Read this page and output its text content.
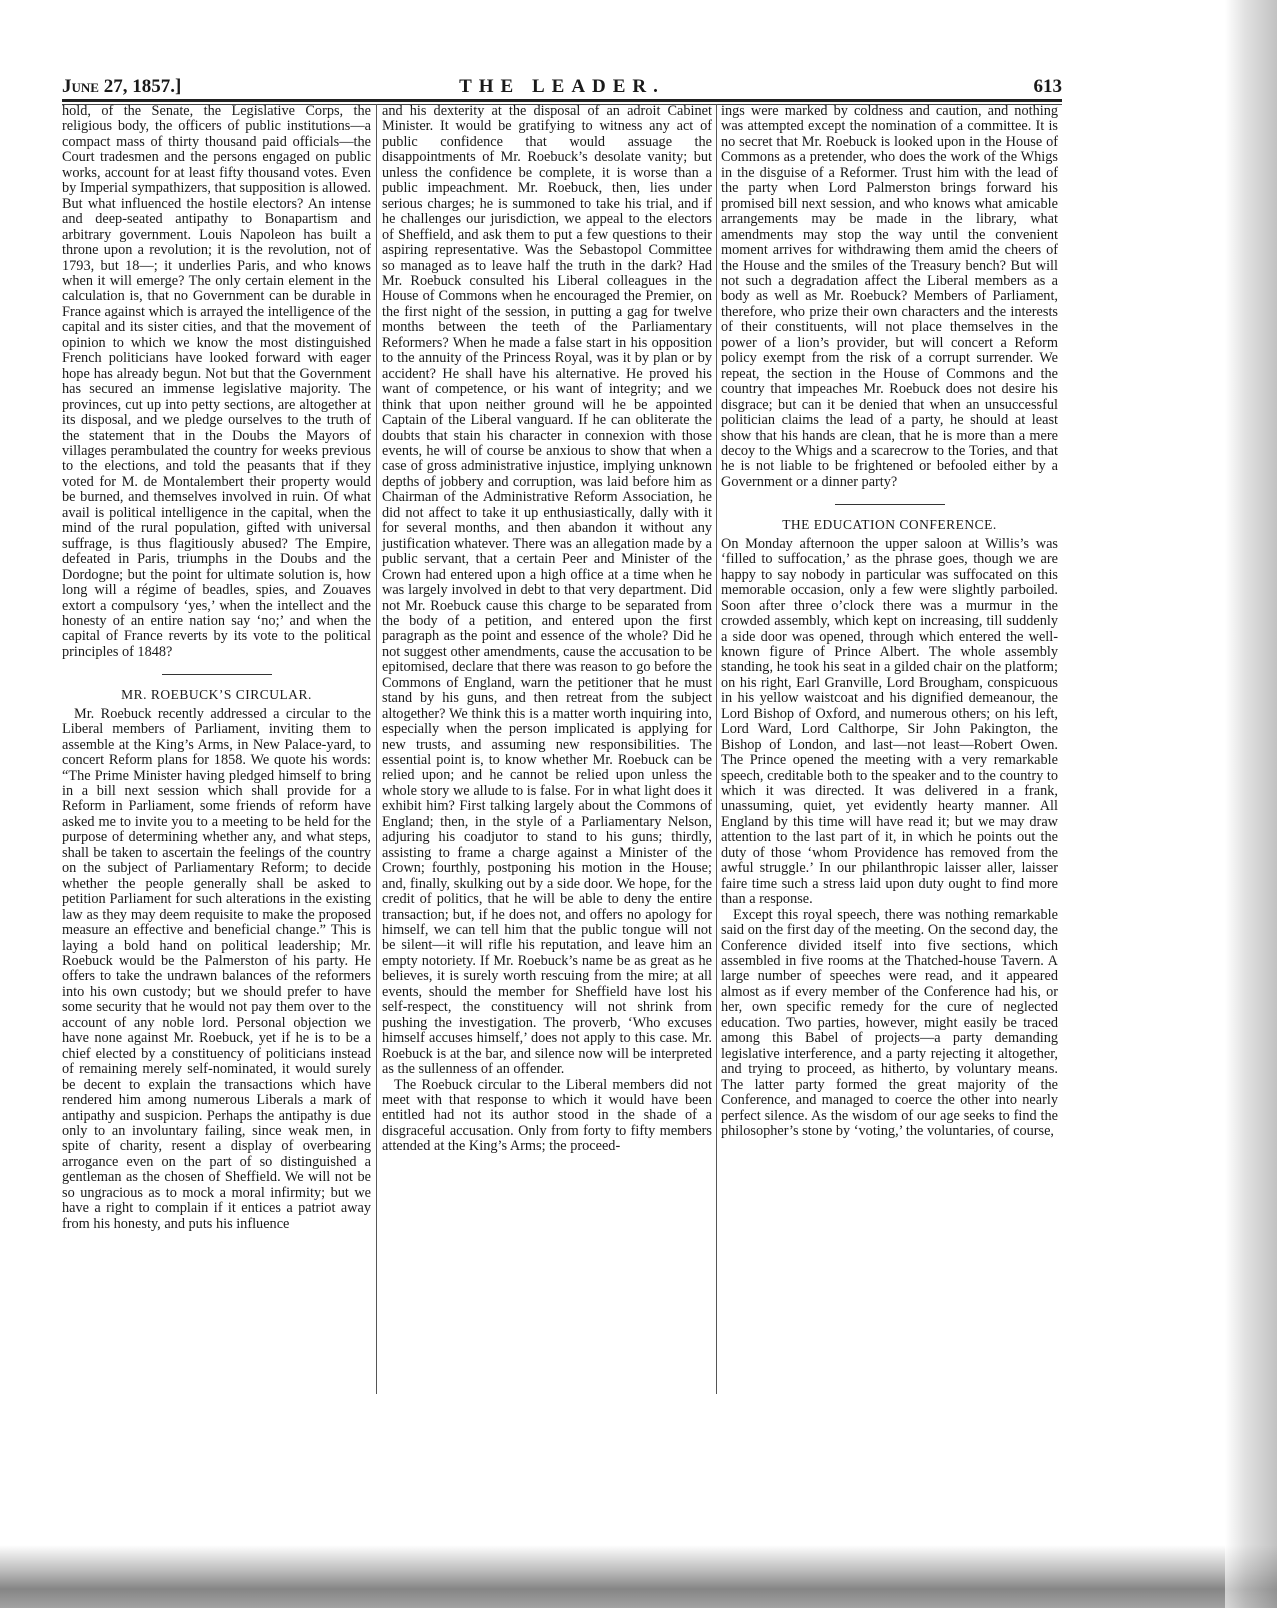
June 27, 1857.]	THE LEADER.	613

hold, of the Senate, the Legislative Corps, the religious body, the officers of public institutions—a compact mass of thirty thousand paid officials—the Court tradesmen and the persons engaged on public works, account for at least fifty thousand votes. Even by Imperial sympathizers, that supposition is allowed. But what influenced the hostile electors? An intense and deep-seated antipathy to Bonapartism and arbitrary government. Louis Napoleon has built a throne upon a revolution; it is the revolution, not of 1793, but 18—; it underlies Paris, and who knows when it will emerge? The only certain element in the calculation is, that no Government can be durable in France against which is arrayed the intelligence of the capital and its sister cities, and that the movement of opinion to which we know the most distinguished French politicians have looked forward with eager hope has already begun. Not but that the Government has secured an immense legislative majority. The provinces, cut up into petty sections, are altogether at its disposal, and we pledge ourselves to the truth of the statement that in the Doubs the Mayors of villages perambulated the country for weeks previous to the elections, and told the peasants that if they voted for M. de Montalembert their property would be burned, and themselves involved in ruin. Of what avail is political intelligence in the capital, when the mind of the rural population, gifted with universal suffrage, is thus flagitiously abused? The Empire, defeated in Paris, triumphs in the Doubs and the Dordogne; but the point for ultimate solution is, how long will a régime of beadles, spies, and Zouaves extort a compulsory ‘yes,’ when the intellect and the honesty of an entire nation say ‘no;’ and when the capital of France reverts by its vote to the political principles of 1848?

MR. ROEBUCK’S CIRCULAR.

Mr. Roebuck recently addressed a circular to the Liberal members of Parliament, inviting them to assemble at the King’s Arms, in New Palace-yard, to concert Reform plans for 1858. We quote his words: “The Prime Minister having pledged himself to bring in a bill next session which shall provide for a Reform in Parliament, some friends of reform have asked me to invite you to a meeting to be held for the purpose of determining whether any, and what steps, shall be taken to ascertain the feelings of the country on the subject of Parliamentary Reform; to decide whether the people generally shall be asked to petition Parliament for such alterations in the existing law as they may deem requisite to make the proposed measure an effective and beneficial change.” This is laying a bold hand on political leadership; Mr. Roebuck would be the Palmerston of his party. He offers to take the undrawn balances of the reformers into his own custody; but we should prefer to have some security that he would not pay them over to the account of any noble lord. Personal objection we have none against Mr. Roebuck, yet if he is to be a chief elected by a constituency of politicians instead of remaining merely self-nominated, it would surely be decent to explain the transactions which have rendered him among numerous Liberals a mark of antipathy and suspicion. Perhaps the antipathy is due only to an involuntary failing, since weak men, in spite of charity, resent a display of overbearing arrogance even on the part of so distinguished a gentleman as the chosen of Sheffield. We will not be so ungracious as to mock a moral infirmity; but we have a right to complain if it entices a patriot away from his honesty, and puts his influence

and his dexterity at the disposal of an adroit Cabinet Minister. It would be gratifying to witness any act of public confidence that would assuage the disappointments of Mr. Roebuck’s desolate vanity; but unless the confidence be complete, it is worse than a public impeachment. Mr. Roebuck, then, lies under serious charges; he is summoned to take his trial, and if he challenges our jurisdiction, we appeal to the electors of Sheffield, and ask them to put a few questions to their aspiring representative. Was the Sebastopol Committee so managed as to leave half the truth in the dark? Had Mr. Roebuck consulted his Liberal colleagues in the House of Commons when he encouraged the Premier, on the first night of the session, in putting a gag for twelve months between the teeth of the Parliamentary Reformers? When he made a false start in his opposition to the annuity of the Princess Royal, was it by plan or by accident? He shall have his alternative. He proved his want of competence, or his want of integrity; and we think that upon neither ground will he be appointed Captain of the Liberal vanguard. If he can obliterate the doubts that stain his character in connexion with those events, he will of course be anxious to show that when a case of gross administrative injustice, implying unknown depths of jobbery and corruption, was laid before him as Chairman of the Administrative Reform Association, he did not affect to take it up enthusiastically, dally with it for several months, and then abandon it without any justification whatever. There was an allegation made by a public servant, that a certain Peer and Minister of the Crown had entered upon a high office at a time when he was largely involved in debt to that very department. Did not Mr. Roebuck cause this charge to be separated from the body of a petition, and entered upon the first paragraph as the point and essence of the whole? Did he not suggest other amendments, cause the accusation to be epitomised, declare that there was reason to go before the Commons of England, warn the petitioner that he must stand by his guns, and then retreat from the subject altogether? We think this is a matter worth inquiring into, especially when the person implicated is applying for new trusts, and assuming new responsibilities. The essential point is, to know whether Mr. Roebuck can be relied upon; and he cannot be relied upon unless the whole story we allude to is false. For in what light does it exhibit him? First talking largely about the Commons of England; then, in the style of a Parliamentary Nelson, adjuring his coadjutor to stand to his guns; thirdly, assisting to frame a charge against a Minister of the Crown; fourthly, postponing his motion in the House; and, finally, skulking out by a side door. We hope, for the credit of politics, that he will be able to deny the entire transaction; but, if he does not, and offers no apology for himself, we can tell him that the public tongue will not be silent—it will rifle his reputation, and leave him an empty notoriety. If Mr. Roebuck’s name be as great as he believes, it is surely worth rescuing from the mire; at all events, should the member for Sheffield have lost his self-respect, the constituency will not shrink from pushing the investigation. The proverb, ‘Who excuses himself accuses himself,’ does not apply to this case. Mr. Roebuck is at the bar, and silence now will be interpreted as the sullenness of an offender.

The Roebuck circular to the Liberal members did not meet with that response to which it would have been entitled had not its author stood in the shade of a disgraceful accusation. Only from forty to fifty members attended at the King’s Arms; the proceed-

ings were marked by coldness and caution, and nothing was attempted except the nomination of a committee. It is no secret that Mr. Roebuck is looked upon in the House of Commons as a pretender, who does the work of the Whigs in the disguise of a Reformer. Trust him with the lead of the party when Lord Palmerston brings forward his promised bill next session, and who knows what amicable arrangements may be made in the library, what amendments may stop the way until the convenient moment arrives for withdrawing them amid the cheers of the House and the smiles of the Treasury bench? But will not such a degradation affect the Liberal members as a body as well as Mr. Roebuck? Members of Parliament, therefore, who prize their own characters and the interests of their constituents, will not place themselves in the power of a lion’s provider, but will concert a Reform policy exempt from the risk of a corrupt surrender. We repeat, the section in the House of Commons and the country that impeaches Mr. Roebuck does not desire his disgrace; but can it be denied that when an unsuccessful politician claims the lead of a party, he should at least show that his hands are clean, that he is more than a mere decoy to the Whigs and a scarecrow to the Tories, and that he is not liable to be frightened or befooled either by a Government or a dinner party?

THE EDUCATION CONFERENCE.

On Monday afternoon the upper saloon at Willis’s was ‘filled to suffocation,’ as the phrase goes, though we are happy to say nobody in particular was suffocated on this memorable occasion, only a few were slightly parboiled. Soon after three o’clock there was a murmur in the crowded assembly, which kept on increasing, till suddenly a side door was opened, through which entered the well-known figure of Prince Albert. The whole assembly standing, he took his seat in a gilded chair on the platform; on his right, Earl Granville, Lord Brougham, conspicuous in his yellow waistcoat and his dignified demeanour, the Lord Bishop of Oxford, and numerous others; on his left, Lord Ward, Lord Calthorpe, Sir John Pakington, the Bishop of London, and last—not least—Robert Owen. The Prince opened the meeting with a very remarkable speech, creditable both to the speaker and to the country to which it was directed. It was delivered in a frank, unassuming, quiet, yet evidently hearty manner. All England by this time will have read it; but we may draw attention to the last part of it, in which he points out the duty of those ‘whom Providence has removed from the awful struggle.’ In our philanthropic laisser aller, laisser faire time such a stress laid upon duty ought to find more than a response.

Except this royal speech, there was nothing remarkable said on the first day of the meeting. On the second day, the Conference divided itself into five sections, which assembled in five rooms at the Thatched-house Tavern. A large number of speeches were read, and it appeared almost as if every member of the Conference had his, or her, own specific remedy for the cure of neglected education. Two parties, however, might easily be traced among this Babel of projects—a party demanding legislative interference, and a party rejecting it altogether, and trying to proceed, as hitherto, by voluntary means. The latter party formed the great majority of the Conference, and managed to coerce the other into nearly perfect silence. As the wisdom of our age seeks to find the philosopher’s stone by ‘voting,’ the voluntaries, of course,
